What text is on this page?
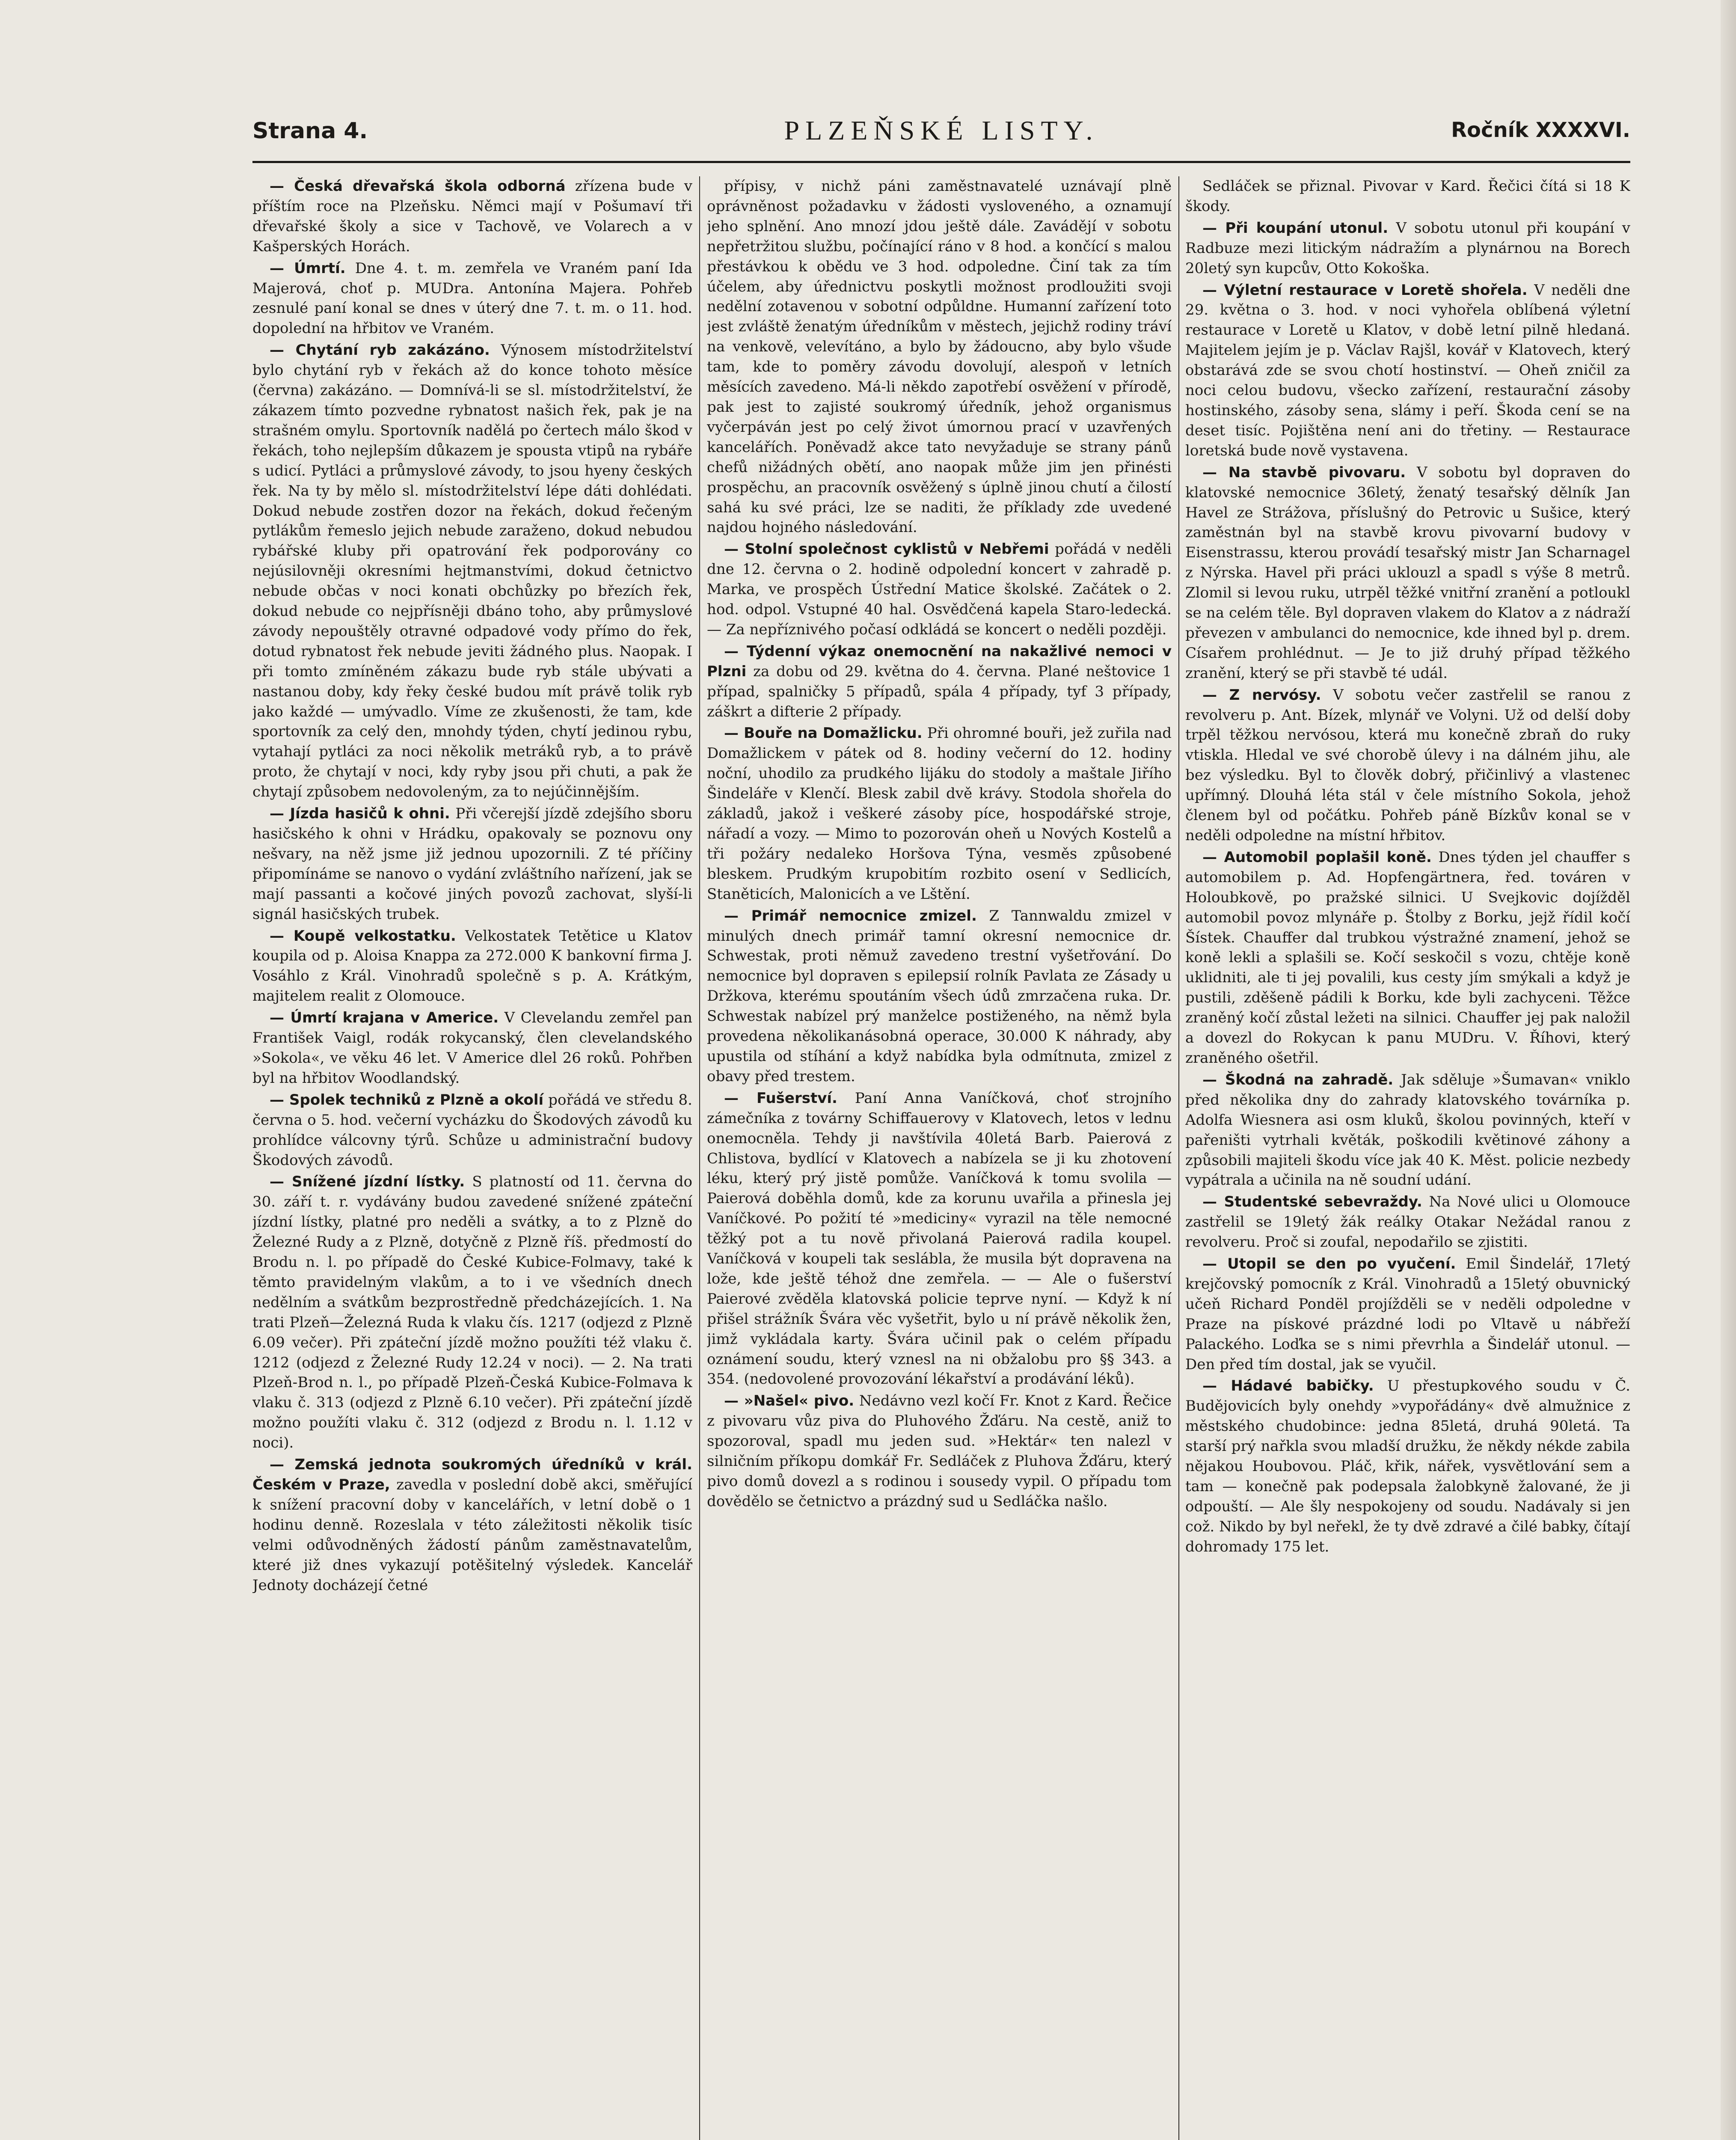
Strana 4.	PLZEŇSKÉ LISTY.	Ročník XXXXVI.

— Česká dřevařská škola odborná zřízena bude v příštím roce na Plzeňsku. Němci mají v Pošumaví tři dřevařské školy a sice v Tachově, ve Volarech a v Kašperských Horách.

— Úmrtí. Dne 4. t. m. zemřela ve Vraném paní Ida Majerová, choť p. MUDra. Antonína Majera. Pohřeb zesnulé paní konal se dnes v úterý dne 7. t. m. o 11. hod. dopolední na hřbitov ve Vraném.

— Chytání ryb zakázáno. Výnosem místodržitelství bylo chytání ryb v řekách až do konce tohoto měsíce (června) zakázáno. — Domnívá-li se sl. místodržitelství, že zákazem tímto pozvedne rybnatost našich řek, pak je na strašném omylu. Sportovník nadělá po čertech málo škod v řekách, toho nejlepším důkazem je spousta vtipů na rybáře s udicí. Pytláci a průmyslové závody, to jsou hyeny českých řek. Na ty by mělo sl. místodržitelství lépe dáti dohlédati. Dokud nebude zostřen dozor na řekách, dokud řečeným pytlákům řemeslo jejich nebude zaraženo, dokud nebudou rybářské kluby při opatrování řek podporovány co nejúsilovněji okresními hejtmanstvími, dokud četnictvo nebude občas v noci konati obchůzky po březích řek, dokud nebude co nejpřísněji dbáno toho, aby průmyslové závody nepouštěly otravné odpadové vody přímo do řek, dotud rybnatost řek nebude jeviti žádného plus. Naopak. I při tomto zmíněném zákazu bude ryb stále ubývati a nastanou doby, kdy řeky české budou mít právě tolik ryb jako každé — umývadlo. Víme ze zkušenosti, že tam, kde sportovník za celý den, mnohdy týden, chytí jedinou rybu, vytahají pytláci za noci několik metráků ryb, a to právě proto, že chytají v noci, kdy ryby jsou při chuti, a pak že chytají způsobem nedovoleným, za to nejúčinnějším.

— Jízda hasičů k ohni. Při včerejší jízdě zdejšího sboru hasičského k ohni v Hrádku, opakovaly se poznovu ony nešvary, na něž jsme již jednou upozornili. Z té příčiny připomínáme se nanovo o vydání zvláštního nařízení, jak se mají passanti a kočové jiných povozů zachovat, slyší-li signál hasičských trubek.

— Koupě velkostatku. Velkostatek Tetětice u Klatov koupila od p. Aloisa Knappa za 272.000 K bankovní firma J. Vosáhlo z Král. Vinohradů společně s p. A. Krátkým, majitelem realit z Olomouce.

— Úmrtí krajana v Americe. V Clevelandu zemřel pan František Vaigl, rodák rokycanský, člen clevelandského »Sokola«, ve věku 46 let. V Americe dlel 26 roků. Pohřben byl na hřbitov Woodlandský.

— Spolek techniků z Plzně a okolí pořádá ve středu 8. června o 5. hod. večerní vycházku do Škodových závodů ku prohlídce válcovny týrů. Schůze u administrační budovy Škodových závodů.

— Snížené jízdní lístky. S platností od 11. června do 30. září t. r. vydávány budou zavedené snížené zpáteční jízdní lístky, platné pro neděli a svátky, a to z Plzně do Železné Rudy a z Plzně, dotyčně z Plzně říš. předmostí do Brodu n. l. po případě do České Kubice-Folmavy, také k těmto pravidelným vlakům, a to i ve všedních dnech nedělním a svátkům bezprostředně předcházejících. 1. Na trati Plzeň—Železná Ruda k vlaku čís. 1217 (odjezd z Plzně 6.09 večer). Při zpáteční jízdě možno použíti též vlaku č. 1212 (odjezd z Železné Rudy 12.24 v noci). — 2. Na trati Plzeň-Brod n. l., po případě Plzeň-Česká Kubice-Folmava k vlaku č. 313 (odjezd z Plzně 6.10 večer). Při zpáteční jízdě možno použíti vlaku č. 312 (odjezd z Brodu n. l. 1.12 v noci).

— Zemská jednota soukromých úředníků v král. Českém v Praze, zavedla v poslední době akci, směřující k snížení pracovní doby v kancelářích, v letní době o 1 hodinu denně. Rozeslala v této záležitosti několik tisíc velmi odůvodněných žádostí pánům zaměstnavatelům, které již dnes vykazují potěšitelný výsledek. Kancelář Jednoty docházejí četné

přípisy, v nichž páni zaměstnavatelé uznávají plně oprávněnost požadavku v žádosti vysloveného, a oznamují jeho splnění. Ano mnozí jdou ještě dále. Zavádějí v sobotu nepřetržitou službu, počínající ráno v 8 hod. a končící s malou přestávkou k obědu ve 3 hod. odpoledne. Činí tak za tím účelem, aby úřednictvu poskytli možnost prodloužiti svoji nedělní zotavenou v sobotní odpůldne. Humanní zařízení toto jest zvláště ženatým úředníkům v městech, jejichž rodiny tráví na venkově, velevítáno, a bylo by žádoucno, aby bylo všude tam, kde to poměry závodu dovolují, alespoň v letních měsících zavedeno. Má-li někdo zapotřebí osvěžení v přírodě, pak jest to zajisté soukromý úředník, jehož organismus vyčerpáván jest po celý život úmornou prací v uzavřených kancelářích. Poněvadž akce tato nevyžaduje se strany pánů chefů nižádných obětí, ano naopak může jim jen přinésti prospěchu, an pracovník osvěžený s úplně jinou chutí a čilostí sahá ku své práci, lze se naditi, že příklady zde uvedené najdou hojného následování.

— Stolní společnost cyklistů v Nebřemi pořádá v neděli dne 12. června o 2. hodině odpolední koncert v zahradě p. Marka, ve prospěch Ústřední Matice školské. Začátek o 2. hod. odpol. Vstupné 40 hal. Osvědčená kapela Staro-ledecká. — Za nepříznivého počasí odkládá se koncert o neděli později.

— Týdenní výkaz onemocnění na nakažlivé nemoci v Plzni za dobu od 29. května do 4. června. Plané neštovice 1 případ, spalničky 5 případů, spála 4 případy, tyf 3 případy, záškrt a difterie 2 případy.

— Bouře na Domažlicku. Při ohromné bouři, jež zuřila nad Domažlickem v pátek od 8. hodiny večerní do 12. hodiny noční, uhodilo za prudkého lijáku do stodoly a maštale Jiřího Šindeláře v Klenčí. Blesk zabil dvě krávy. Stodola shořela do základů, jakož i veškeré zásoby píce, hospodářské stroje, nářadí a vozy. — Mimo to pozorován oheň u Nových Kostelů a tři požáry nedaleko Horšova Týna, vesměs způsobené bleskem. Prudkým krupobitím rozbito osení v Sedlicích, Staněticích, Malonicích a ve Lštění.

— Primář nemocnice zmizel. Z Tannwaldu zmizel v minulých dnech primář tamní okresní nemocnice dr. Schwestak, proti němuž zavedeno trestní vyšetřování. Do nemocnice byl dopraven s epilepsií rolník Pavlata ze Zásady u Držkova, kterému spoutáním všech údů zmrzačena ruka. Dr. Schwestak nabízel prý manželce postiženého, na němž byla provedena několikanásobná operace, 30.000 K náhrady, aby upustila od stíhání a když nabídka byla odmítnuta, zmizel z obavy před trestem.

— Fušerství. Paní Anna Vaníčková, choť strojního zámečníka z továrny Schiffauerovy v Klatovech, letos v lednu onemocněla. Tehdy ji navštívila 40letá Barb. Paierová z Chlistova, bydlící v Klatovech a nabízela se ji ku zhotovení léku, který prý jistě pomůže. Vaníčková k tomu svolila — Paierová doběhla domů, kde za korunu uvařila a přinesla jej Vaníčkové. Po požití té »mediciny« vyrazil na těle nemocné těžký pot a tu nově přivolaná Paierová radila koupel. Vaníčková v koupeli tak seslábla, že musila být dopravena na lože, kde ještě téhož dne zemřela. — — Ale o fušerství Paierové zvěděla klatovská policie teprve nyní. — Když k ní přišel strážník Švára věc vyšetřit, bylo u ní právě několik žen, jimž vykládala karty. Švára učinil pak o celém případu oznámení soudu, který vznesl na ni obžalobu pro §§ 343. a 354. (nedovolené provozování lékařství a prodávání léků).

— »Našel« pivo. Nedávno vezl kočí Fr. Knot z Kard. Řečice z pivovaru vůz piva do Pluhového Žďáru. Na cestě, aniž to spozoroval, spadl mu jeden sud. »Hektár« ten nalezl v silničním příkopu domkář Fr. Sedláček z Pluhova Žďáru, který pivo domů dovezl a s rodinou i sousedy vypil. O případu tom dovědělo se četnictvo a prázdný sud u Sedláčka našlo.

Sedláček se přiznal. Pivovar v Kard. Řečici čítá si 18 K škody.

— Při koupání utonul. V sobotu utonul při koupání v Radbuze mezi litickým nádražím a plynárnou na Borech 20letý syn kupcův, Otto Kokoška.

— Výletní restaurace v Loretě shořela. V neděli dne 29. května o 3. hod. v noci vyhořela oblíbená výletní restaurace v Loretě u Klatov, v době letní pilně hledaná. Majitelem jejím je p. Václav Rajšl, kovář v Klatovech, který obstarává zde se svou chotí hostinství. — Oheň zničil za noci celou budovu, všecko zařízení, restaurační zásoby hostinského, zásoby sena, slámy i peří. Škoda cení se na deset tisíc. Pojištěna není ani do třetiny. — Restaurace loretská bude nově vystavena.

— Na stavbě pivovaru. V sobotu byl dopraven do klatovské nemocnice 36letý, ženatý tesařský dělník Jan Havel ze Strážova, příslušný do Petrovic u Sušice, který zaměstnán byl na stavbě krovu pivovarní budovy v Eisenstrassu, kterou provádí tesařský mistr Jan Scharnagel z Nýrska. Havel při práci uklouzl a spadl s výše 8 metrů. Zlomil si levou ruku, utrpěl těžké vnitřní zranění a potloukl se na celém těle. Byl dopraven vlakem do Klatov a z nádraží převezen v ambulanci do nemocnice, kde ihned byl p. drem. Císařem prohlédnut. — Je to již druhý případ těžkého zranění, který se při stavbě té udál.

— Z nervósy. V sobotu večer zastřelil se ranou z revolveru p. Ant. Bízek, mlynář ve Volyni. Už od delší doby trpěl těžkou nervósou, která mu konečně zbraň do ruky vtiskla. Hledal ve své chorobě úlevy i na dálném jihu, ale bez výsledku. Byl to člověk dobrý, přičinlivý a vlastenec upřímný. Dlouhá léta stál v čele místního Sokola, jehož členem byl od počátku. Pohřeb páně Bízkův konal se v neděli odpoledne na místní hřbitov.

— Automobil poplašil koně. Dnes týden jel chauffer s automobilem p. Ad. Hopfengärtnera, řed. továren v Holoubkově, po pražské silnici. U Svejkovic dojížděl automobil povoz mlynáře p. Štolby z Borku, jejž řídil kočí Šístek. Chauffer dal trubkou výstražné znamení, jehož se koně lekli a splašili se. Kočí seskočil s vozu, chtěje koně uklidniti, ale ti jej povalili, kus cesty jím smýkali a když je pustili, zděšeně pádili k Borku, kde byli zachyceni. Těžce zraněný kočí zůstal ležeti na silnici. Chauffer jej pak naložil a dovezl do Rokycan k panu MUDru. V. Říhovi, který zraněného ošetřil.

— Škodná na zahradě. Jak sděluje »Šumavan« vniklo před několika dny do zahrady klatovského továrníka p. Adolfa Wiesnera asi osm kluků, školou povinných, kteří v pařeništi vytrhali květák, poškodili květinové záhony a způsobili majiteli škodu více jak 40 K. Měst. policie nezbedy vypátrala a učinila na ně soudní udání.

— Studentské sebevraždy. Na Nové ulici u Olomouce zastřelil se 19letý žák reálky Otakar Nežádal ranou z revolveru. Proč si zoufal, nepodařilo se zjistiti.

— Utopil se den po vyučení. Emil Šindelář, 17letý krejčovský pomocník z Král. Vinohradů a 15letý obuvnický učeň Richard Pondël projížděli se v neděli odpoledne v Praze na pískové prázdné lodi po Vltavě u nábřeží Palackého. Loďka se s nimi převrhla a Šindelář utonul. — Den před tím dostal, jak se vyučil.

— Hádavé babičky. U přestupkového soudu v Č. Budějovicích byly onehdy »vypořádány« dvě almužnice z městského chudobince: jedna 85letá, druhá 90letá. Ta starší prý nařkla svou mladší družku, že někdy nékde zabila nějakou Houbovou. Pláč, křik, nářek, vysvětlování sem a tam — konečně pak podepsala žalobkyně žalované, že ji odpouští. — Ale šly nespokojeny od soudu. Nadávaly si jen což. Nikdo by byl neřekl, že ty dvě zdravé a čilé babky, čítají dohromady 175 let.
